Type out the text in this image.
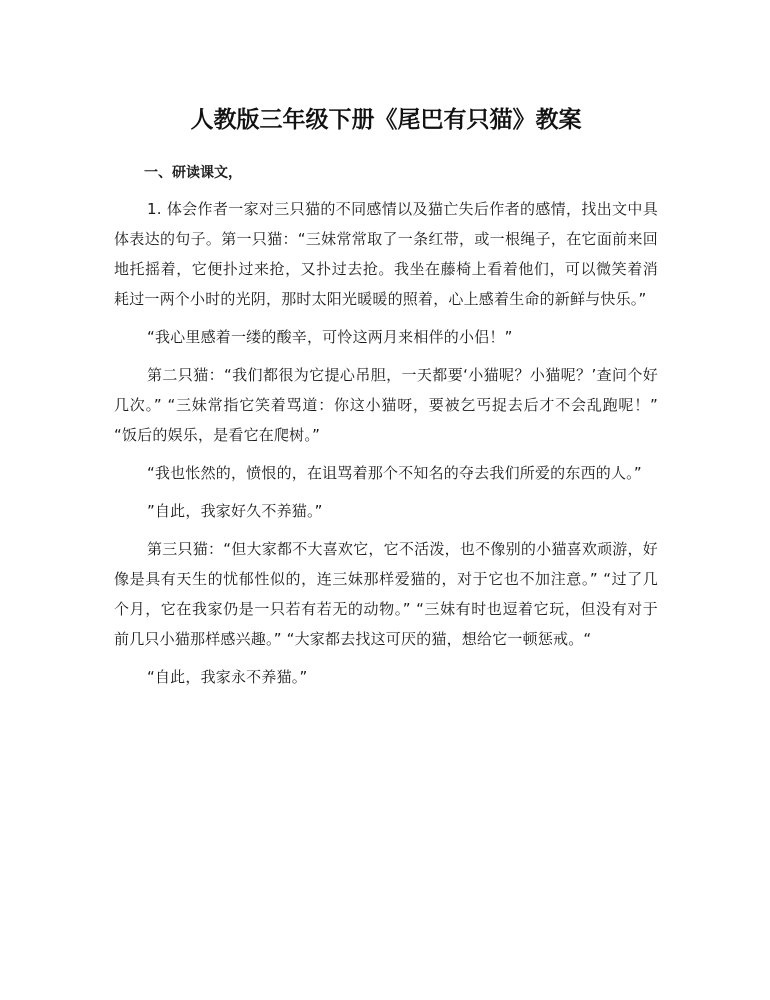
人教版三年级下册《尾巴有只猫》教案

一、研读课文，

1. 体会作者一家对三只猫的不同感情以及猫亡失后作者的感情，找出文中具体表达的句子。第一只猫：“三妹常常取了一条红带，或一根绳子，在它面前来回地托摇着，它便扑过来抢，又扑过去抢。我坐在藤椅上看着他们，可以微笑着消耗过一两个小时的光阴，那时太阳光暖暖的照着，心上感着生命的新鲜与快乐。”

“我心里感着一缕的酸辛，可怜这两月来相伴的小侣！”

第二只猫：“我们都很为它提心吊胆，一天都要‘小猫呢？小猫呢？’查问个好几次。” “三妹常指它笑着骂道：你这小猫呀，要被乞丐捉去后才不会乱跑呢！” “饭后的娱乐，是看它在爬树。”

“我也怅然的，愤恨的，在诅骂着那个不知名的夺去我们所爱的东西的人。”

”自此，我家好久不养猫。”

第三只猫：“但大家都不大喜欢它，它不活泼，也不像别的小猫喜欢顽游，好像是具有天生的忧郁性似的，连三妹那样爱猫的，对于它也不加注意。” “过了几个月，它在我家仍是一只若有若无的动物。” “三妹有时也逗着它玩，但没有对于前几只小猫那样感兴趣。” “大家都去找这可厌的猫，想给它一顿惩戒。“

“自此，我家永不养猫。”
